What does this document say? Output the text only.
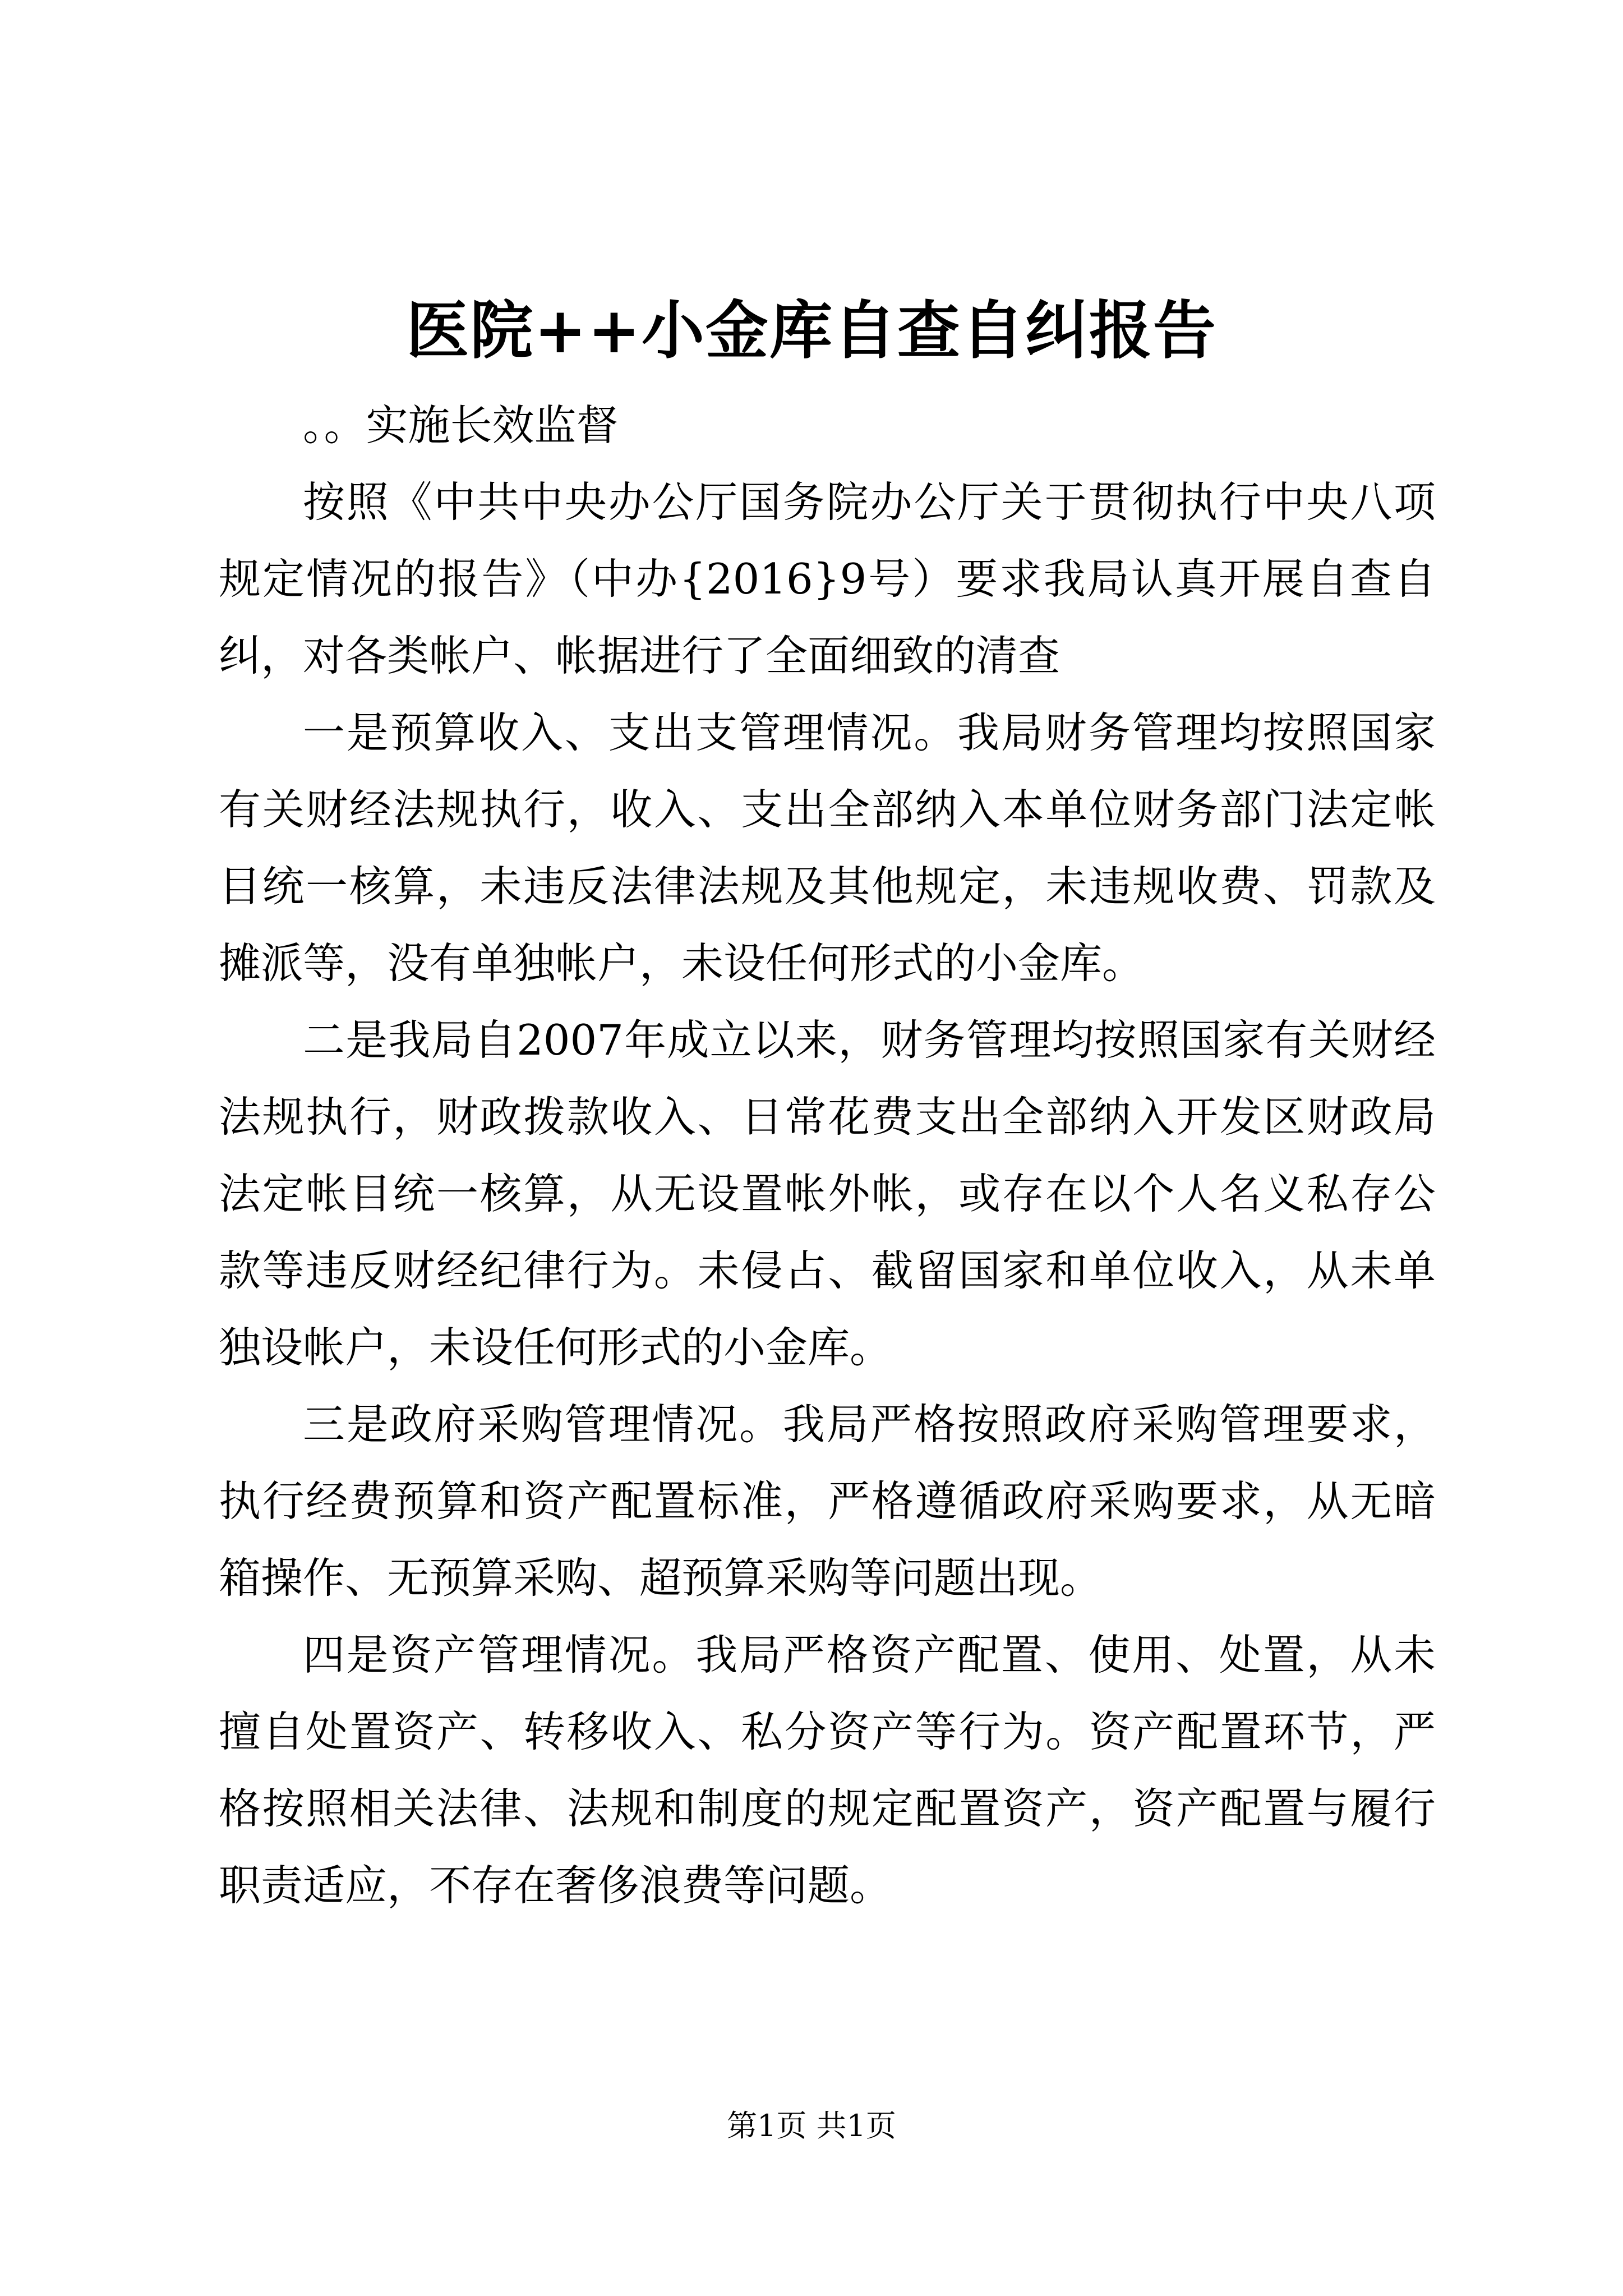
医院++小金库自查自纠报告

。。实施长效监督

按照《中共中央办公厅国务院办公厅关于贯彻执行中央八项规定情况的报告》（中办{2016}9号）要求我局认真开展自查自纠，对各类帐户、帐据进行了全面细致的清查

一是预算收入、支出支管理情况。我局财务管理均按照国家有关财经法规执行，收入、支出全部纳入本单位财务部门法定帐目统一核算，未违反法律法规及其他规定，未违规收费、罚款及摊派等，没有单独帐户，未设任何形式的小金库。

二是我局自2007年成立以来，财务管理均按照国家有关财经法规执行，财政拨款收入、日常花费支出全部纳入开发区财政局法定帐目统一核算，从无设置帐外帐，或存在以个人名义私存公款等违反财经纪律行为。未侵占、截留国家和单位收入，从未单独设帐户，未设任何形式的小金库。

三是政府采购管理情况。我局严格按照政府采购管理要求，执行经费预算和资产配置标准，严格遵循政府采购要求，从无暗箱操作、无预算采购、超预算采购等问题出现。

四是资产管理情况。我局严格资产配置、使用、处置，从未擅自处置资产、转移收入、私分资产等行为。资产配置环节，严格按照相关法律、法规和制度的规定配置资产，资产配置与履行职责适应，不存在奢侈浪费等问题。

第1页 共1页
